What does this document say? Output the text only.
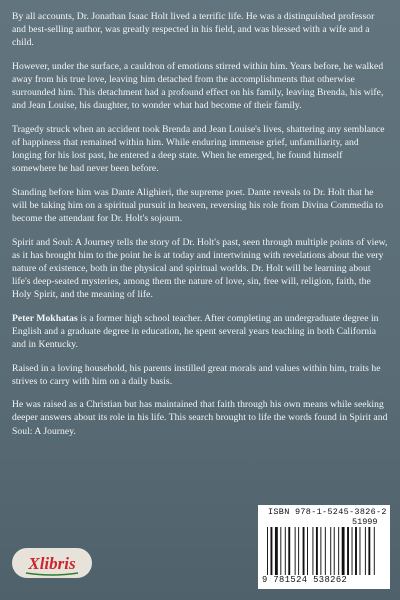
By all accounts, Dr. Jonathan Isaac Holt lived a terrific life. He was a distinguished professor and best-selling author, was greatly respected in his field, and was blessed with a wife and a child.

However, under the surface, a cauldron of emotions stirred within him. Years before, he walked away from his true love, leaving him detached from the accomplishments that otherwise surrounded him. This detachment had a profound effect on his family, leaving Brenda, his wife, and Jean Louise, his daughter, to wonder what had become of their family.

Tragedy struck when an accident took Brenda and Jean Louise's lives, shattering any semblance of happiness that remained within him. While enduring immense grief, unfamiliarity, and longing for his lost past, he entered a deep state. When he emerged, he found himself somewhere he had never been before.

Standing before him was Dante Alighieri, the supreme poet. Dante reveals to Dr. Holt that he will be taking him on a spiritual pursuit in heaven, reversing his role from Divina Commedia to become the attendant for Dr. Holt's sojourn.

Spirit and Soul: A Journey tells the story of Dr. Holt's past, seen through multiple points of view, as it has brought him to the point he is at today and intertwining with revelations about the very nature of existence, both in the physical and spiritual worlds. Dr. Holt will be learning about life's deep-seated mysteries, among them the nature of love, sin, free will, religion, faith, the Holy Spirit, and the meaning of life.

Peter Mokhatas is a former high school teacher. After completing an undergraduate degree in English and a graduate degree in education, he spent several years teaching in both California and in Kentucky.

Raised in a loving household, his parents instilled great morals and values within him, traits he strives to carry with him on a daily basis.

He was raised as a Christian but has maintained that faith through his own means while seeking deeper answers about its role in his life. This search brought to life the words found in Spirit and Soul: A Journey.

Xlibris
ISBN 978-1-5245-3826-2
51999
9 781524 538262
